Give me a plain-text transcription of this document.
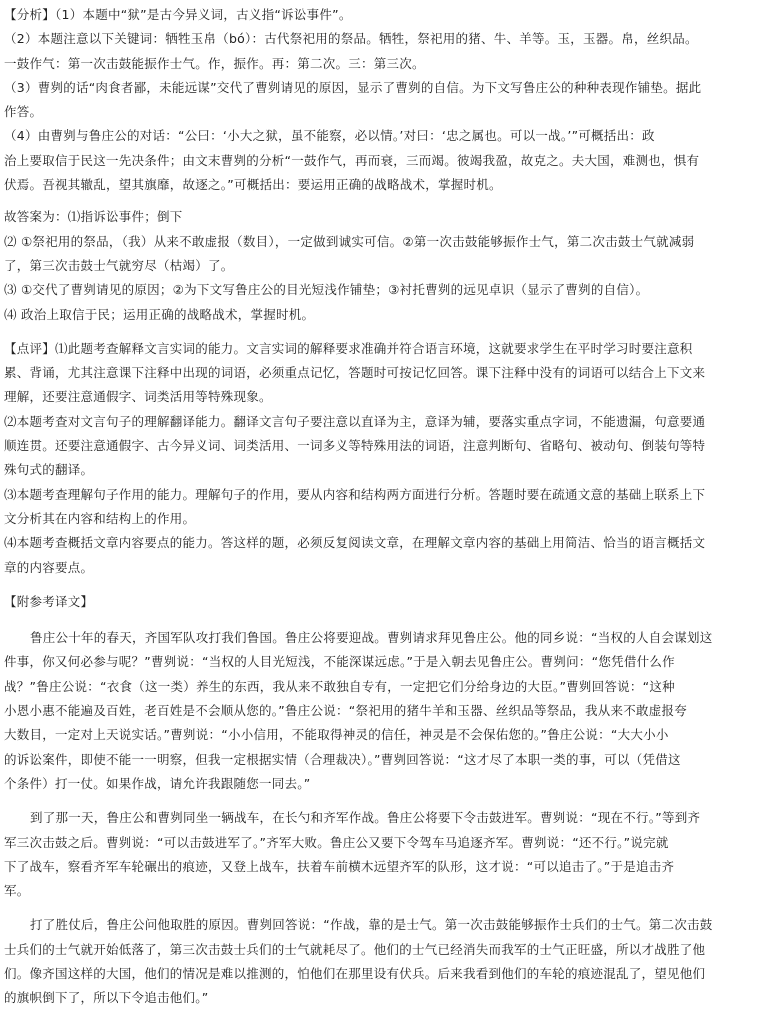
【分析】（1）本题中“狱”是古今异义词，古义指“诉讼事件”。

（2）本题注意以下关键词：牺牲玉帛（bó）：古代祭祀用的祭品。牺牲，祭祀用的猪、牛、羊等。玉，玉器。帛，丝织品。

一鼓作气：第一次击鼓能振作士气。作，振作。再：第二次。三：第三次。

（3）曹刿的话“肉食者鄙，未能远谋”交代了曹刿请见的原因，显示了曹刿的自信。为下文写鲁庄公的种种表现作铺垫。据此

作答。

（4）由曹刿与鲁庄公的对话：“公曰：‘小大之狱，虽不能察，必以情。’对曰：‘忠之属也。可以一战。’”可概括出：政

治上要取信于民这一先决条件；由文末曹刿的分析“一鼓作气，再而衰，三而竭。彼竭我盈，故克之。夫大国，难测也，惧有

伏焉。吾视其辙乱，望其旗靡，故逐之。”可概括出：要运用正确的战略战术，掌握时机。

故答案为：⑴指诉讼事件；倒下

⑵ ①祭祀用的祭品，（我）从来不敢虚报（数目），一定做到诚实可信。②第一次击鼓能够振作士气，第二次击鼓士气就减弱

了，第三次击鼓士气就穷尽（枯竭）了。

⑶ ①交代了曹刿请见的原因；②为下文写鲁庄公的目光短浅作铺垫；③衬托曹刿的远见卓识（显示了曹刿的自信）。

⑷ 政治上取信于民；运用正确的战略战术，掌握时机。

【点评】⑴此题考查解释文言实词的能力。文言实词的解释要求准确并符合语言环境，这就要求学生在平时学习时要注意积

累、背诵，尤其注意课下注释中出现的词语，必须重点记忆，答题时可按记忆回答。课下注释中没有的词语可以结合上下文来

理解，还要注意通假字、词类活用等特殊现象。

⑵本题考查对文言句子的理解翻译能力。翻译文言句子要注意以直译为主，意译为辅，要落实重点字词，不能遗漏，句意要通

顺连贯。还要注意通假字、古今异义词、词类活用、一词多义等特殊用法的词语，注意判断句、省略句、被动句、倒装句等特

殊句式的翻译。

⑶本题考查理解句子作用的能力。理解句子的作用，要从内容和结构两方面进行分析。答题时要在疏通文意的基础上联系上下

文分析其在内容和结构上的作用。

⑷本题考查概括文章内容要点的能力。答这样的题，必须反复阅读文章，在理解文章内容的基础上用简洁、恰当的语言概括文

章的内容要点。

【附参考译文】

鲁庄公十年的春天，齐国军队攻打我们鲁国。鲁庄公将要迎战。曹刿请求拜见鲁庄公。他的同乡说：“当权的人自会谋划这

件事，你又何必参与呢？”曹刿说：“当权的人目光短浅，不能深谋远虑。”于是入朝去见鲁庄公。曹刿问：“您凭借什么作

战？”鲁庄公说：“衣食（这一类）养生的东西，我从来不敢独自专有，一定把它们分给身边的大臣。”曹刿回答说：“这种

小恩小惠不能遍及百姓，老百姓是不会顺从您的。”鲁庄公说：“祭祀用的猪牛羊和玉器、丝织品等祭品，我从来不敢虚报夸

大数目，一定对上天说实话。”曹刿说：“小小信用，不能取得神灵的信任，神灵是不会保佑您的。”鲁庄公说：“大大小小

的诉讼案件，即使不能一一明察，但我一定根据实情（合理裁决）。”曹刿回答说：“这才尽了本职一类的事，可以（凭借这

个条件）打一仗。如果作战，请允许我跟随您一同去。”

到了那一天，鲁庄公和曹刿同坐一辆战车，在长勺和齐军作战。鲁庄公将要下令击鼓进军。曹刿说：“现在不行。”等到齐

军三次击鼓之后。曹刿说：“可以击鼓进军了。”齐军大败。鲁庄公又要下令驾车马追逐齐军。曹刿说：“还不行。”说完就

下了战车，察看齐军车轮碾出的痕迹，又登上战车，扶着车前横木远望齐军的队形，这才说：“可以追击了。”于是追击齐

军。

打了胜仗后，鲁庄公问他取胜的原因。曹刿回答说：“作战，靠的是士气。第一次击鼓能够振作士兵们的士气。第二次击鼓

士兵们的士气就开始低落了，第三次击鼓士兵们的士气就耗尽了。他们的士气已经消失而我军的士气正旺盛，所以才战胜了他

们。像齐国这样的大国，他们的情况是难以推测的，怕他们在那里设有伏兵。后来我看到他们的车轮的痕迹混乱了，望见他们

的旗帜倒下了，所以下令追击他们。”
